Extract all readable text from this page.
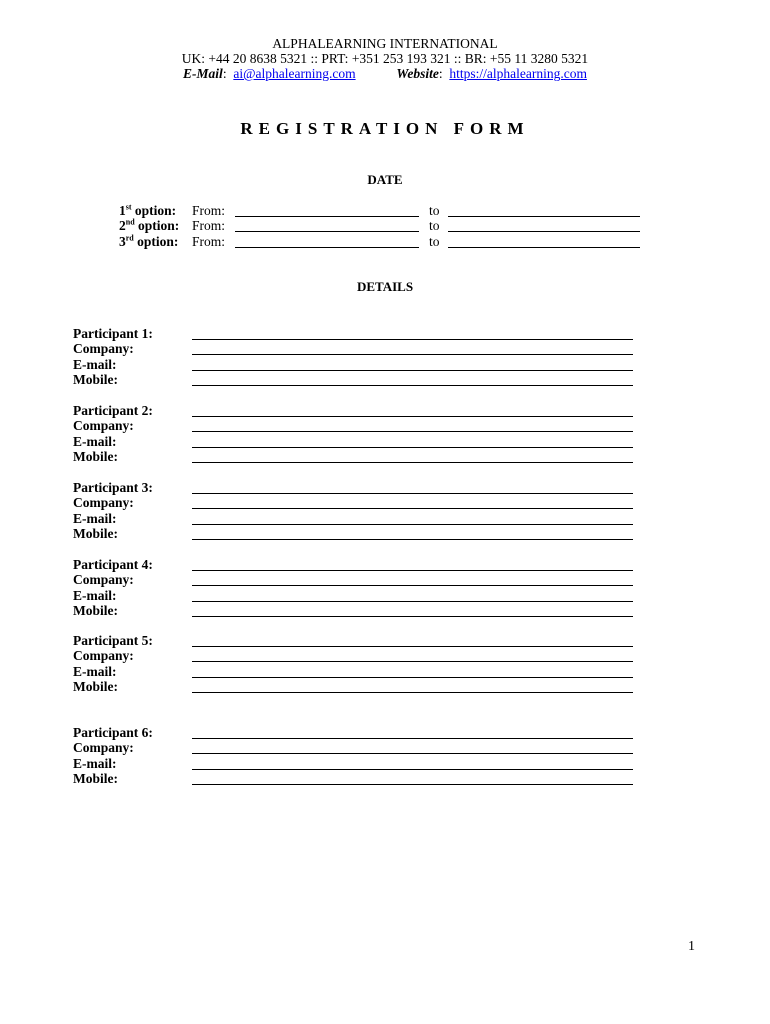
ALPHALEARNING INTERNATIONAL
UK: +44 20 8638 5321 :: PRT: +351 253 193 321 :: BR: +55 11 3280 5321
E-Mail:  ai@alphalearning.com	Website:  https://alphalearning.com
REGISTRATION FORM
DATE
1st option: From:	to
2nd option: From:	to
3rd option: From:	to
DETAILS
Participant 1:
Company:
E-mail:
Mobile:
Participant 2:
Company:
E-mail:
Mobile:
Participant 3:
Company:
E-mail:
Mobile:
Participant 4:
Company:
E-mail:
Mobile:
Participant 5:
Company:
E-mail:
Mobile:
Participant 6:
Company:
E-mail:
Mobile:
1
